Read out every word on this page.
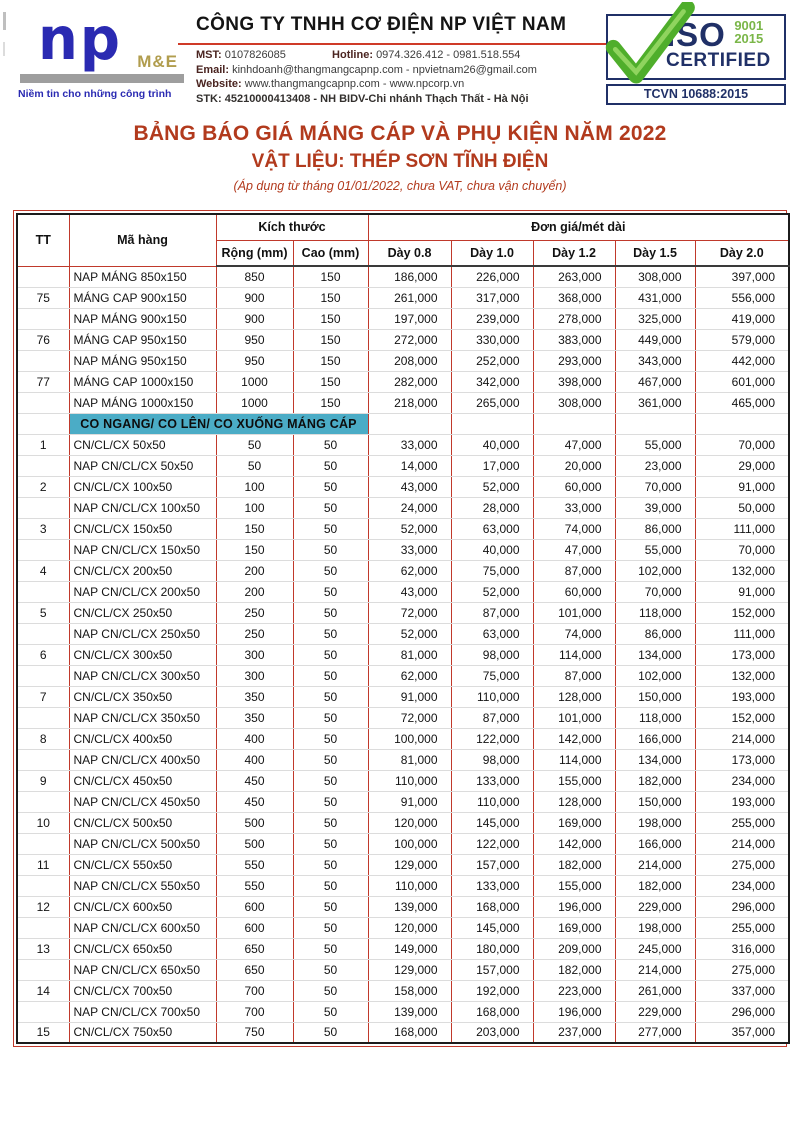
np M&E
Niềm tin cho những công trình
CÔNG TY TNHH CƠ ĐIỆN NP VIỆT NAM
MST: 0107826085	Hotline: 0974.326.412 - 0981.518.554
Email: kinhdoanh@thangmangcapnp.com - npvietnam26@gmail.com
Website: www.thangmangcapnp.com - www.npcorp.vn
STK: 45210000413408 - NH BIDV-Chi nhánh Thạch Thất - Hà Nội
ISO 9001
2015
CERTIFIED
TCVN 10688:2015
BẢNG BÁO GIÁ MÁNG CÁP VÀ PHỤ KIỆN NĂM 2022
VẬT LIỆU: THÉP SƠN TĨNH ĐIỆN
(Áp dụng từ tháng 01/01/2022, chưa VAT, chưa vận chuyển)
TT	Mã hàng	Kích thước		Đơn giá/mét dài				
		Rộng (mm)	Cao (mm)	Dày 0.8	Dày 1.0	Dày 1.2	Dày 1.5	Dày 2.0
	NAP MÁNG 850x150	850	150	186,000	226,000	263,000	308,000	397,000
75	MÁNG CAP 900x150	900	150	261,000	317,000	368,000	431,000	556,000
	NAP MÁNG 900x150	900	150	197,000	239,000	278,000	325,000	419,000
76	MÁNG CAP 950x150	950	150	272,000	330,000	383,000	449,000	579,000
	NAP MÁNG 950x150	950	150	208,000	252,000	293,000	343,000	442,000
77	MÁNG CAP 1000x150	1000	150	282,000	342,000	398,000	467,000	601,000
	NAP MÁNG 1000x150	1000	150	218,000	265,000	308,000	361,000	465,000
	CO NGANG/ CO LÊN/ CO XUỐNG MÁNG CÁP							
1	CN/CL/CX 50x50	50	50	33,000	40,000	47,000	55,000	70,000
	NAP CN/CL/CX 50x50	50	50	14,000	17,000	20,000	23,000	29,000
2	CN/CL/CX 100x50	100	50	43,000	52,000	60,000	70,000	91,000
	NAP CN/CL/CX 100x50	100	50	24,000	28,000	33,000	39,000	50,000
3	CN/CL/CX 150x50	150	50	52,000	63,000	74,000	86,000	111,000
	NAP CN/CL/CX 150x50	150	50	33,000	40,000	47,000	55,000	70,000
4	CN/CL/CX 200x50	200	50	62,000	75,000	87,000	102,000	132,000
	NAP CN/CL/CX 200x50	200	50	43,000	52,000	60,000	70,000	91,000
5	CN/CL/CX 250x50	250	50	72,000	87,000	101,000	118,000	152,000
	NAP CN/CL/CX 250x50	250	50	52,000	63,000	74,000	86,000	111,000
6	CN/CL/CX 300x50	300	50	81,000	98,000	114,000	134,000	173,000
	NAP CN/CL/CX 300x50	300	50	62,000	75,000	87,000	102,000	132,000
7	CN/CL/CX 350x50	350	50	91,000	110,000	128,000	150,000	193,000
	NAP CN/CL/CX 350x50	350	50	72,000	87,000	101,000	118,000	152,000
8	CN/CL/CX 400x50	400	50	100,000	122,000	142,000	166,000	214,000
	NAP CN/CL/CX 400x50	400	50	81,000	98,000	114,000	134,000	173,000
9	CN/CL/CX 450x50	450	50	110,000	133,000	155,000	182,000	234,000
	NAP CN/CL/CX 450x50	450	50	91,000	110,000	128,000	150,000	193,000
10	CN/CL/CX 500x50	500	50	120,000	145,000	169,000	198,000	255,000
	NAP CN/CL/CX 500x50	500	50	100,000	122,000	142,000	166,000	214,000
11	CN/CL/CX 550x50	550	50	129,000	157,000	182,000	214,000	275,000
	NAP CN/CL/CX 550x50	550	50	110,000	133,000	155,000	182,000	234,000
12	CN/CL/CX 600x50	600	50	139,000	168,000	196,000	229,000	296,000
	NAP CN/CL/CX 600x50	600	50	120,000	145,000	169,000	198,000	255,000
13	CN/CL/CX 650x50	650	50	149,000	180,000	209,000	245,000	316,000
	NAP CN/CL/CX 650x50	650	50	129,000	157,000	182,000	214,000	275,000
14	CN/CL/CX 700x50	700	50	158,000	192,000	223,000	261,000	337,000
	NAP CN/CL/CX 700x50	700	50	139,000	168,000	196,000	229,000	296,000
15	CN/CL/CX 750x50	750	50	168,000	203,000	237,000	277,000	357,000
